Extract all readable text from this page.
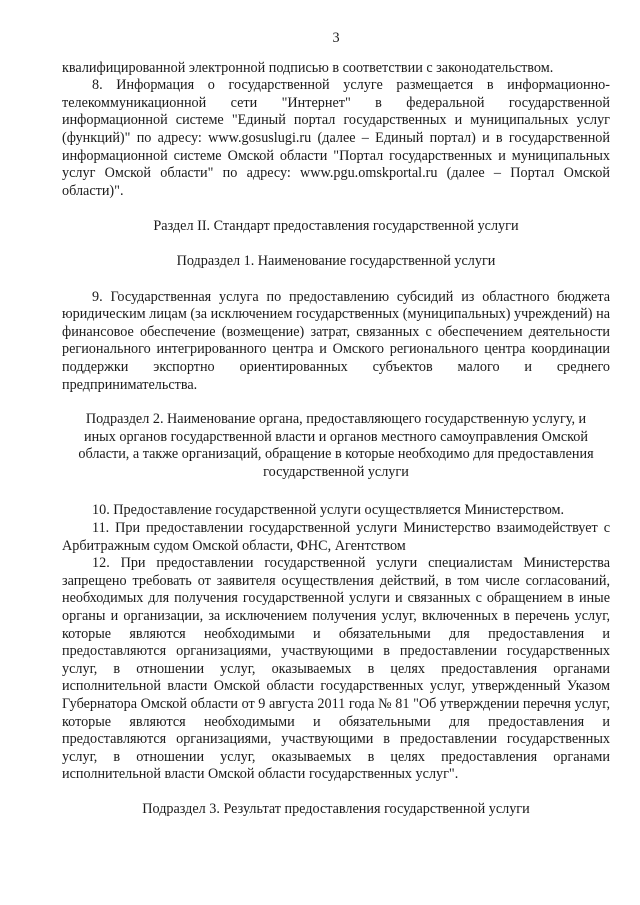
3

квалифицированной электронной подписью в соответствии с законодательством.

8. Информация о государственной услуге размещается в информационно-телекоммуникационной сети "Интернет" в федеральной государственной информационной системе "Единый портал государственных и муниципальных услуг (функций)" по адресу: www.gosuslugi.ru (далее – Единый портал) и в государственной информационной системе Омской области "Портал государственных и муниципальных услуг Омской области" по адресу: www.pgu.omskportal.ru (далее – Портал Омской области)".

Раздел II. Стандарт предоставления государственной услуги

Подраздел 1. Наименование государственной услуги

9. Государственная услуга по предоставлению субсидий из областного бюджета юридическим лицам (за исключением государственных (муниципальных) учреждений) на финансовое обеспечение (возмещение) затрат, связанных с обеспечением деятельности регионального интегрированного центра и Омского регионального центра координации поддержки экспортно ориентированных субъектов малого и среднего предпринимательства.

Подраздел 2. Наименование органа, предоставляющего государственную услугу, и иных органов государственной власти и органов местного самоуправления Омской области, а также организаций, обращение в которые необходимо для предоставления государственной услуги

10. Предоставление государственной услуги осуществляется Министерством.

11. При предоставлении государственной услуги Министерство взаимодействует с Арбитражным судом Омской области, ФНС, Агентством

12. При предоставлении государственной услуги специалистам Министерства запрещено требовать от заявителя осуществления действий, в том числе согласований, необходимых для получения государственной услуги и связанных с обращением в иные органы и организации, за исключением получения услуг, включенных в перечень услуг, которые являются необходимыми и обязательными для предоставления и предоставляются организациями, участвующими в предоставлении государственных услуг, в отношении услуг, оказываемых в целях предоставления органами исполнительной власти Омской области государственных услуг, утвержденный Указом Губернатора Омской области от 9 августа 2011 года № 81 "Об утверждении перечня услуг, которые являются необходимыми и обязательными для предоставления и предоставляются организациями, участвующими в предоставлении государственных услуг, в отношении услуг, оказываемых в целях предоставления органами исполнительной власти Омской области государственных услуг".

Подраздел 3. Результат предоставления государственной услуги
